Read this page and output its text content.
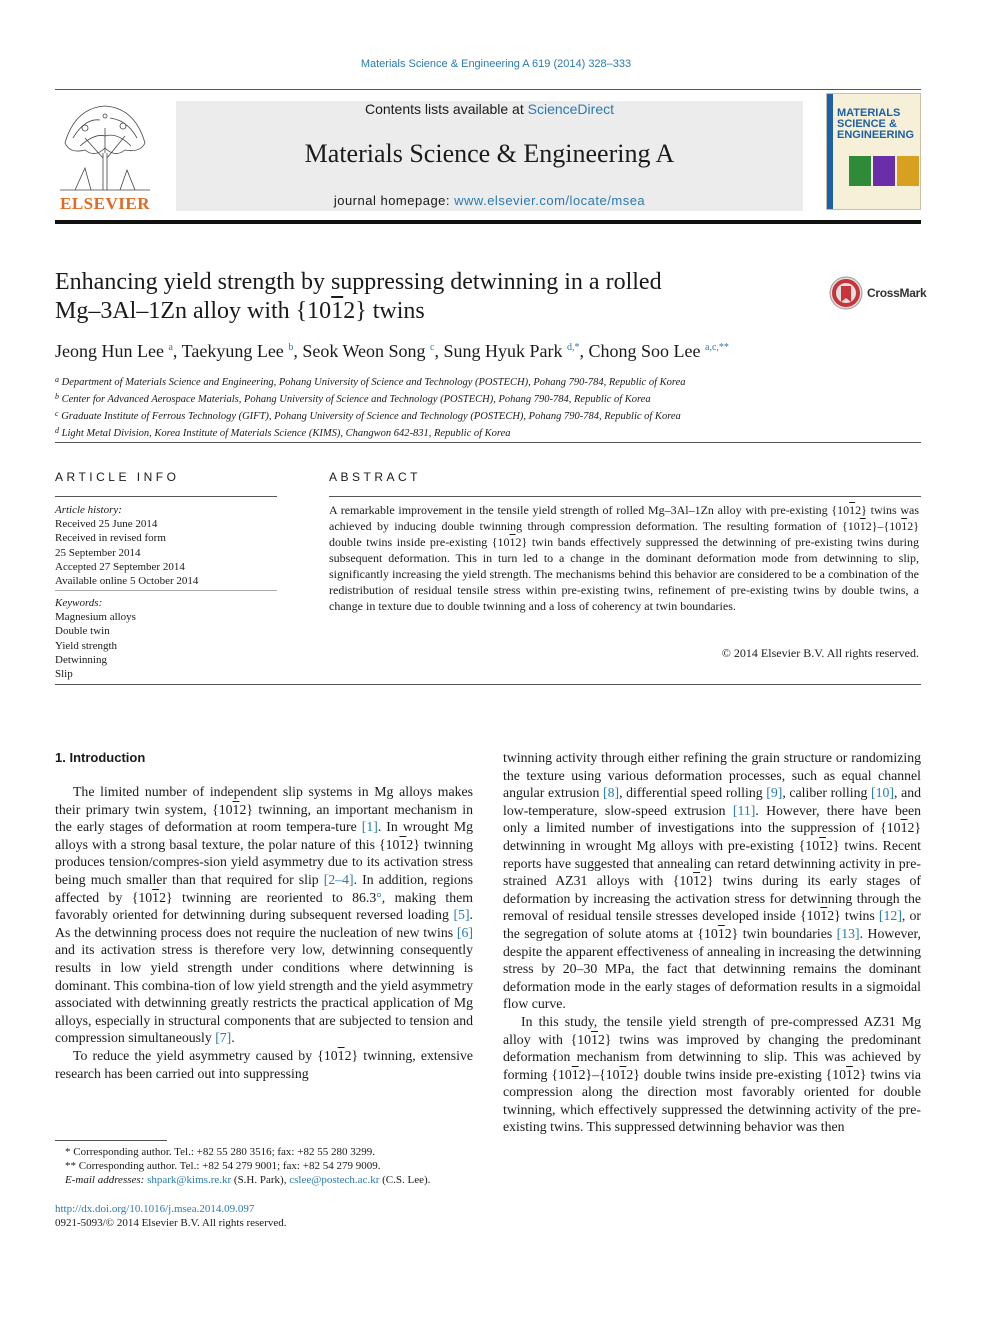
Materials Science & Engineering A 619 (2014) 328–333
ELSEVIER
Contents lists available at ScienceDirect
Materials Science & Engineering A
journal homepage: www.elsevier.com/locate/msea
MATERIALS SCIENCE & ENGINEERING
Enhancing yield strength by suppressing detwinning in a rolled
Mg–3Al–1Zn alloy with {1012} twins
CrossMark
Jeong Hun Lee $^a$, Taekyung Lee $^b$, Seok Weon Song $^c$, Sung Hyuk Park $^{d,*}$, Chong Soo Lee $^{a,c,**}$
$^a$ Department of Materials Science and Engineering, Pohang University of Science and Technology (POSTECH), Pohang 790-784, Republic of Korea
$^b$ Center for Advanced Aerospace Materials, Pohang University of Science and Technology (POSTECH), Pohang 790-784, Republic of Korea
$^c$ Graduate Institute of Ferrous Technology (GIFT), Pohang University of Science and Technology (POSTECH), Pohang 790-784, Republic of Korea
$^d$ Light Metal Division, Korea Institute of Materials Science (KIMS), Changwon 642-831, Republic of Korea
ARTICLE INFO	ABSTRACT
Article history:
Received 25 June 2014
Received in revised form
25 September 2014
Accepted 27 September 2014
Available online 5 October 2014
Keywords:
Magnesium alloys
Double twin
Yield strength
Detwinning
Slip
A remarkable improvement in the tensile yield strength of rolled Mg–3Al–1Zn alloy with pre-existing {1012} twins was achieved by inducing double twinning through compression deformation. The resulting formation of {1012}–{1012} double twins inside pre-existing {1012} twin bands effectively suppressed the detwinning of pre-existing twins during subsequent deformation. This in turn led to a change in the dominant deformation mode from detwinning to slip, significantly increasing the yield strength. The mechanisms behind this behavior are considered to be a combination of the redistribution of residual tensile stress within pre-existing twins, refinement of pre-existing twins by double twins, a change in texture due to double twinning and a loss of coherency at twin boundaries.
© 2014 Elsevier B.V. All rights reserved.
1. Introduction

The limited number of independent slip systems in Mg alloys makes their primary twin system, {1012} twinning, an important mechanism in the early stages of deformation at room tempera-ture [1]. In wrought Mg alloys with a strong basal texture, the polar nature of this {1012} twinning produces tension/compres-sion yield asymmetry due to its activation stress being much smaller than that required for slip [2–4]. In addition, regions affected by {1012} twinning are reoriented to 86.3°, making them favorably oriented for detwinning during subsequent reversed loading [5]. As the detwinning process does not require the nucleation of new twins [6] and its activation stress is therefore very low, detwinning consequently results in low yield strength under conditions where detwinning is dominant. This combina-tion of low yield strength and the yield asymmetry associated with detwinning greatly restricts the practical application of Mg alloys, especially in structural components that are subjected to tension and compression simultaneously [7].

To reduce the yield asymmetry caused by {1012} twinning, extensive research has been carried out into suppressing

twinning activity through either refining the grain structure or randomizing the texture using various deformation processes, such as equal channel angular extrusion [8], differential speed rolling [9], caliber rolling [10], and low-temperature, slow-speed extrusion [11]. However, there have been only a limited number of investigations into the suppression of {1012} detwinning in wrought Mg alloys with pre-existing {1012} twins. Recent reports have suggested that annealing can retard detwinning activity in pre-strained AZ31 alloys with {1012} twins during its early stages of deformation by increasing the activation stress for detwinning through the removal of residual tensile stresses developed inside {1012} twins [12], or the segregation of solute atoms at {1012} twin boundaries [13]. However, despite the apparent effectiveness of annealing in increasing the detwinning stress by 20–30 MPa, the fact that detwinning remains the dominant deformation mode in the early stages of deformation results in a sigmoidal flow curve.

In this study, the tensile yield strength of pre-compressed AZ31 Mg alloy with {1012} twins was improved by changing the predominant deformation mechanism from detwinning to slip. This was achieved by forming {1012}–{1012} double twins inside pre-existing {1012} twins via compression along the direction most favorably oriented for double twinning, which effectively suppressed the detwinning activity of the pre-existing twins. This suppressed detwinning behavior was then

* Corresponding author. Tel.: +82 55 280 3516; fax: +82 55 280 3299.
** Corresponding author. Tel.: +82 54 279 9001; fax: +82 54 279 9009.
E-mail addresses: shpark@kims.re.kr (S.H. Park), cslee@postech.ac.kr (C.S. Lee).
http://dx.doi.org/10.1016/j.msea.2014.09.097
0921-5093/© 2014 Elsevier B.V. All rights reserved.
